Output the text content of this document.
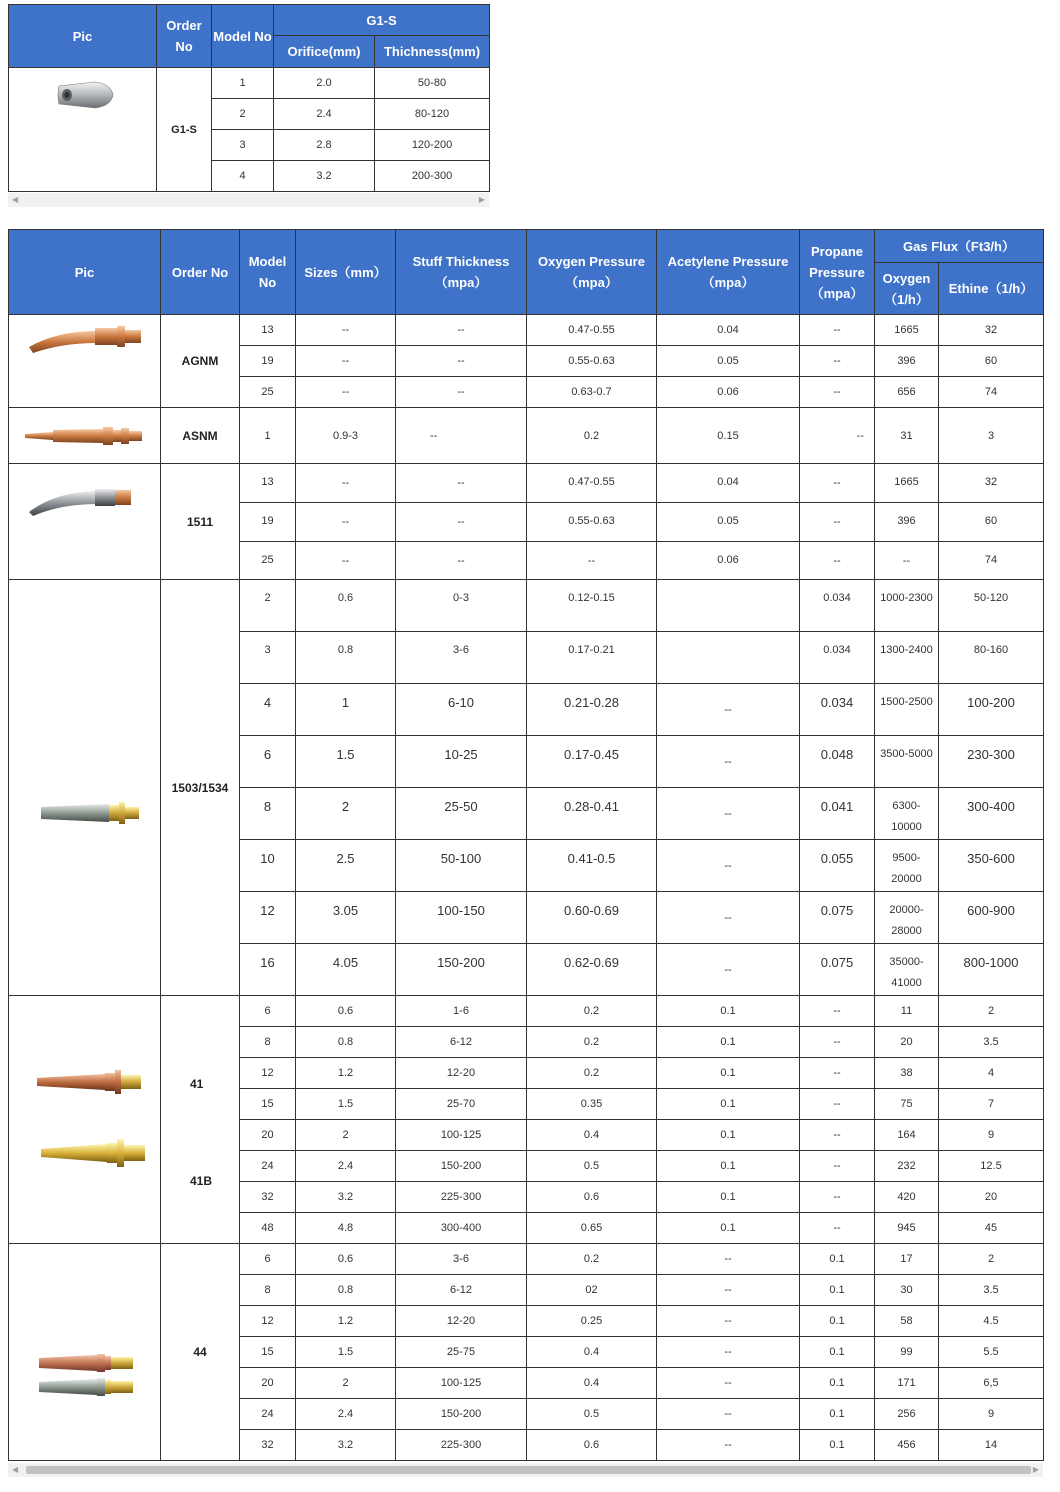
Pic	Order No	Model No	G1-S	
			Orifice(mm)	Thichness(mm)

	G1-S	1	2.0	50-80
		2	2.4	80-120
		3	2.8	120-200
		4	3.2	200-300
◀	▶
Pic	Order No	Model No	Sizes（mm）	Stuff Thickness（mpa）	Oxygen Pressure（mpa）	Acetylene Pressure（mpa）	Propane Pressure（mpa）	Gas Flux（Ft3/h）	
								Oxygen（1/h）	Ethine（1/h）

	AGNM	13	--	--	0.47-0.55	0.04	--	1665	32
		19	--	--	0.55-0.63	0.05	--	396	60
		25	--	--	0.63-0.7	0.06	--	656	74

	ASNM	1	0.9-3	--	0.2	0.15	--	31	3

	1511	13	--	--	0.47-0.55	0.04	--	1665	32
		19	--	--	0.55-0.63	0.05	--	396	60
		25	--	--	--	0.06	--	--	74

	1503/1534	2	0.6	0-3	0.12-0.15		0.034	1000-2300	50-120
		3	0.8	3-6	0.17-0.21		0.034	1300-2400	80-160
		4	1	6-10	0.21-0.28	--	0.034	1500-2500	100-200
		6	1.5	10-25	0.17-0.45	--	0.048	3500-5000	230-300
		8	2	25-50	0.28-0.41	--	0.041	6300-10000	300-400
		10	2.5	50-100	0.41-0.5	--	0.055	9500-20000	350-600
		12	3.05	100-150	0.60-0.69	--	0.075	20000-28000	600-900
		16	4.05	150-200	0.62-0.69	--	0.075	35000-41000	800-1000

41
41B	6	0.6	1-6	0.2	0.1	--	11	2
		8	0.8	6-12	0.2	0.1	--	20	3.5
		12	1.2	12-20	0.2	0.1	--	38	4
		15	1.5	25-70	0.35	0.1	--	75	7
		20	2	100-125	0.4	0.1	--	164	9
		24	2.4	150-200	0.5	0.1	--	232	12.5
		32	3.2	225-300	0.6	0.1	--	420	20
		48	4.8	300-400	0.65	0.1	--	945	45

	44	6	0.6	3-6	0.2	--	0.1	17	2
		8	0.8	6-12	02	--	0.1	30	3.5
		12	1.2	12-20	0.25	--	0.1	58	4.5
		15	1.5	25-75	0.4	--	0.1	99	5.5
		20	2	100-125	0.4	--	0.1	171	6,5
		24	2.4	150-200	0.5	--	0.1	256	9
		32	3.2	225-300	0.6	--	0.1	456	14
◀	▶
